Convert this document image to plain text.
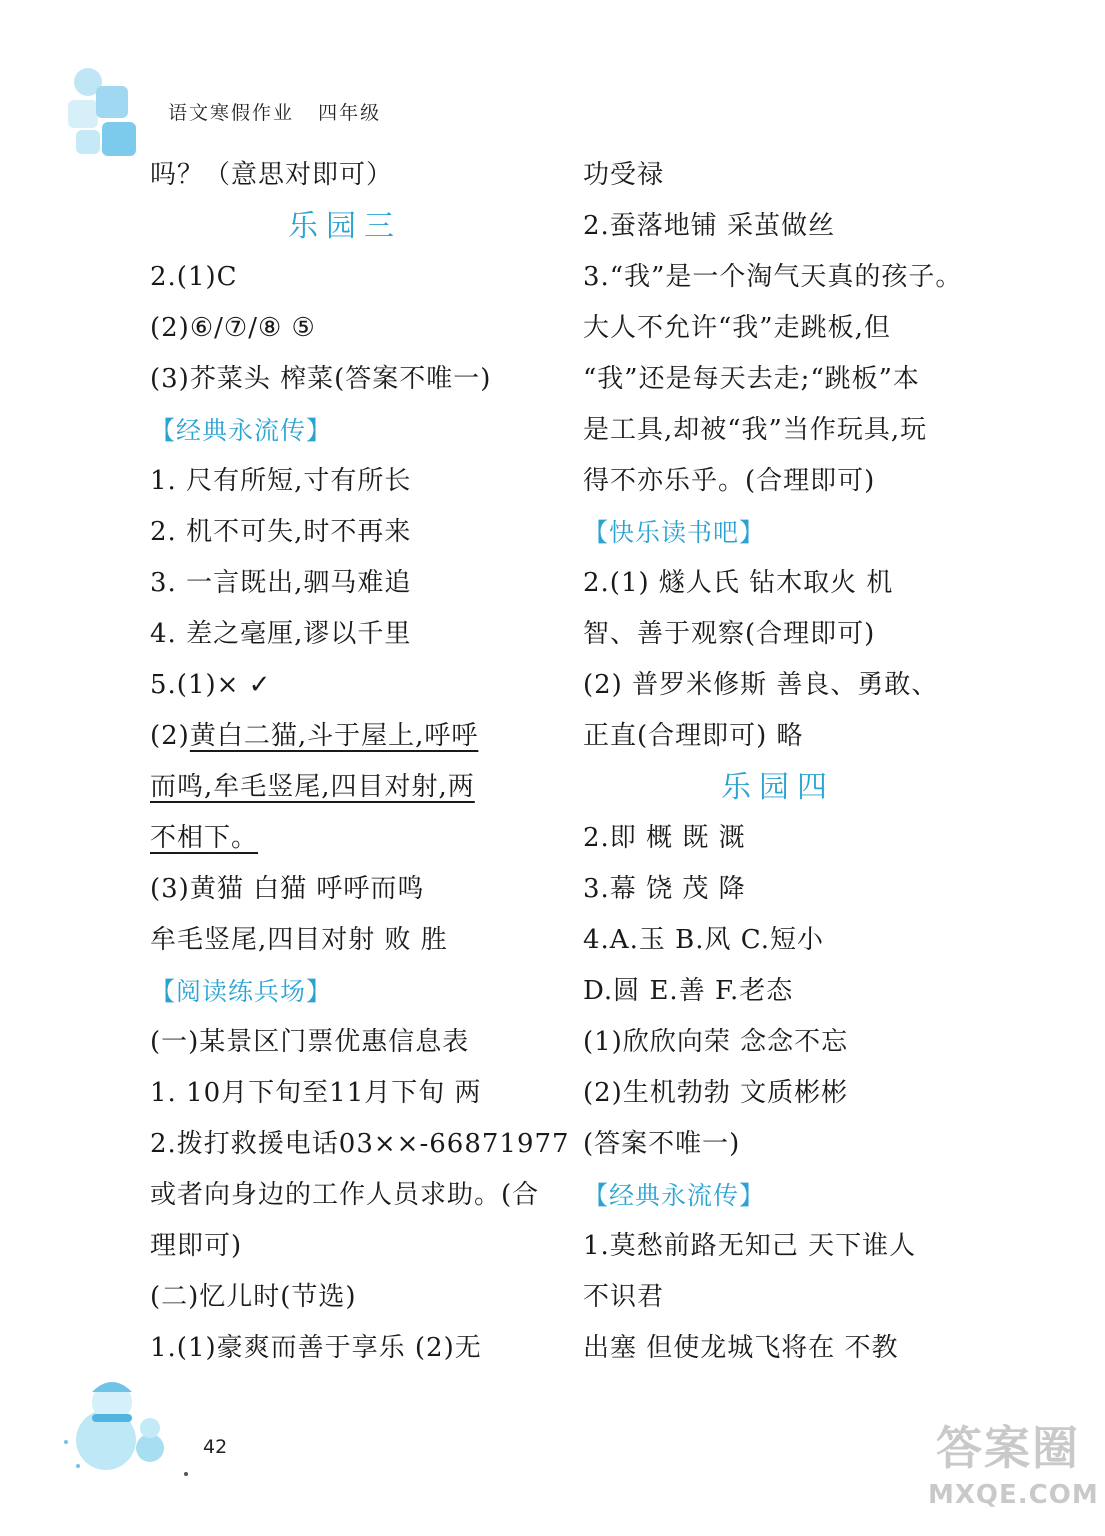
语文寒假作业   四年级
吗？（意思对即可）
乐园三
2.(1)C
(2)⑥/⑦/⑧ ⑤
(3)芥菜头 榨菜(答案不唯一)
【经典永流传】
1. 尺有所短,寸有所长
2. 机不可失,时不再来
3. 一言既出,驷马难追
4. 差之毫厘,谬以千里
5.(1)× ✓
(2)黄白二猫,斗于屋上,呼呼
而鸣,牟毛竖尾,四目对射,两
不相下。
(3)黄猫 白猫 呼呼而鸣
牟毛竖尾,四目对射 败 胜
【阅读练兵场】
(一)某景区门票优惠信息表
1. 10月下旬至11月下旬 两
2.拨打救援电话03××-66871977
或者向身边的工作人员求助。(合
理即可)
(二)忆儿时(节选)
1.(1)豪爽而善于享乐 (2)无
功受禄
2.蚕落地铺 采茧做丝
3.“我”是一个淘气天真的孩子。
大人不允许“我”走跳板,但
“我”还是每天去走;“跳板”本
是工具,却被“我”当作玩具,玩
得不亦乐乎。(合理即可)
【快乐读书吧】
2.(1) 燧人氏 钻木取火 机
智、善于观察(合理即可)
(2) 普罗米修斯 善良、勇敢、
正直(合理即可) 略
乐园四
2.即 概 既 溉
3.幕 饶 茂 降
4.A.玉 B.风 C.短小
D.圆 E.善 F.老态
(1)欣欣向荣 念念不忘
(2)生机勃勃 文质彬彬
(答案不唯一)
【经典永流传】
1.莫愁前路无知己 天下谁人
不识君
出塞 但使龙城飞将在 不教
42	答案圈
MXQE.COM
